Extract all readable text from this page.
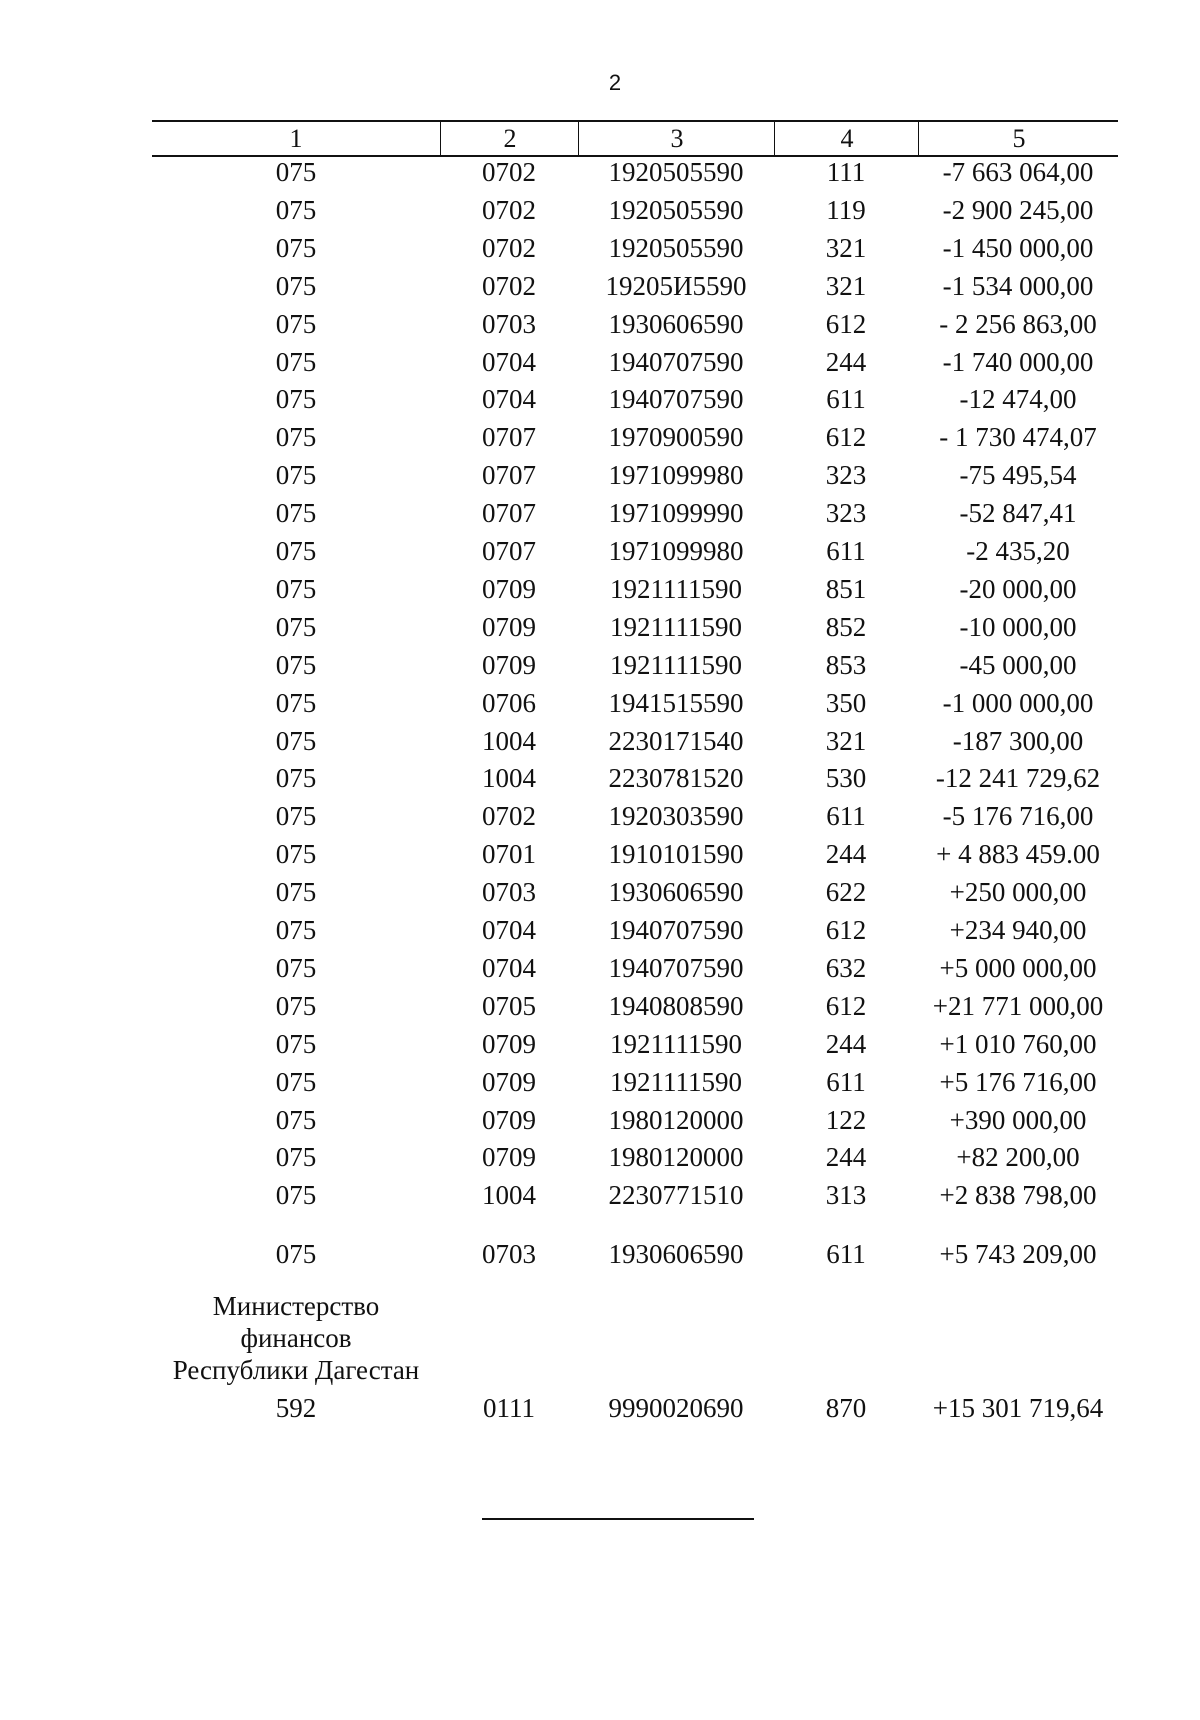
2
1	2	3	4	5
075	0702	1920505590	111	-7 663 064,00
075	0702	1920505590	119	-2 900 245,00
075	0702	1920505590	321	-1 450 000,00
075	0702	19205И5590	321	-1 534 000,00
075	0703	1930606590	612	- 2 256 863,00
075	0704	1940707590	244	-1 740 000,00
075	0704	1940707590	611	-12 474,00
075	0707	1970900590	612	- 1 730 474,07
075	0707	1971099980	323	-75 495,54
075	0707	1971099990	323	-52 847,41
075	0707	1971099980	611	-2 435,20
075	0709	1921111590	851	-20 000,00
075	0709	1921111590	852	-10 000,00
075	0709	1921111590	853	-45 000,00
075	0706	1941515590	350	-1 000 000,00
075	1004	2230171540	321	-187 300,00
075	1004	2230781520	530	-12 241 729,62
075	0702	1920303590	611	-5 176 716,00
075	0701	1910101590	244	+ 4 883 459.00
075	0703	1930606590	622	+250 000,00
075	0704	1940707590	612	+234 940,00
075	0704	1940707590	632	+5 000 000,00
075	0705	1940808590	612	+21 771 000,00
075	0709	1921111590	244	+1 010 760,00
075	0709	1921111590	611	+5 176 716,00
075	0709	1980120000	122	+390 000,00
075	0709	1980120000	244	+82 200,00
075	1004	2230771510	313	+2 838 798,00
075	0703	1930606590	611	+5 743 209,00
Министерство
финансов
Республики Дагестан
592	0111	9990020690	870	+15 301 719,64
